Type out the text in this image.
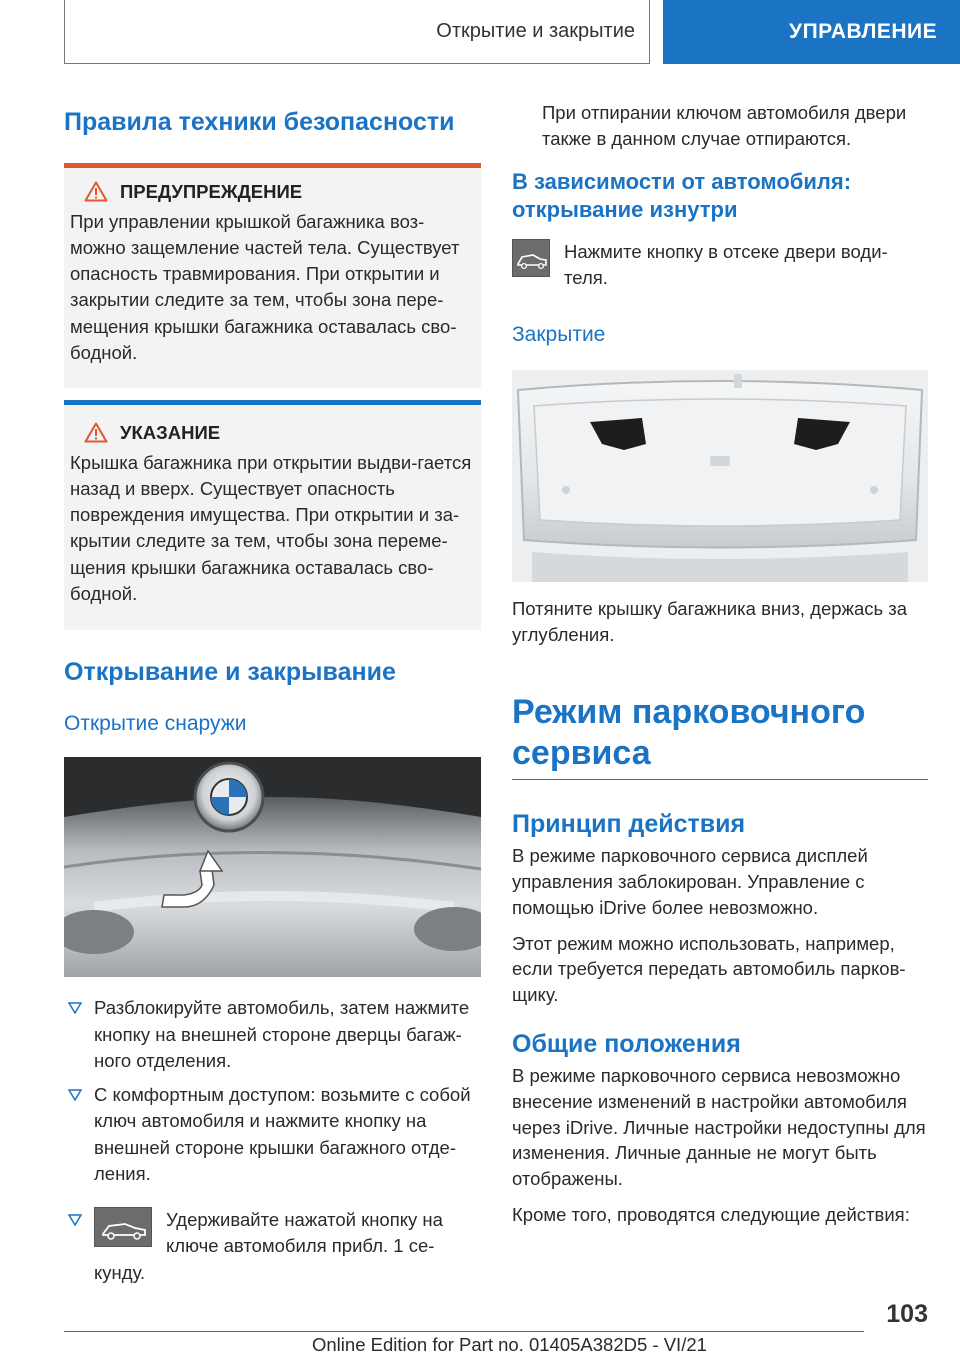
Открытие и закрытие	УПРАВЛЕНИЕ
Правила техники безопасности
ПРЕДУПРЕЖДЕНИЕ

При управлении крышкой багажника воз-можно защемление частей тела. Существует опасность травмирования. При открытии и закрытии следите за тем, чтобы зона пере-мещения крышки багажника оставалась сво-бодной.

УКАЗАНИЕ

Крышка багажника при открытии выдви-гается назад и вверх. Существует опасность повреждения имущества. При открытии и за-крытии следите за тем, чтобы зона переме-щения крышки багажника оставалась сво-бодной.

Открывание и закрывание
Открытие снаружи
Разблокируйте автомобиль, затем нажмите кнопку на внешней стороне дверцы багаж-ного отделения.
С комфортным доступом: возьмите с собой ключ автомобиля и нажмите кнопку на внешней стороне крышки багажного отде-ления.
Удерживайте нажатой кнопку на ключе автомобиля прибл. 1 се-кунду.

При отпирании ключом автомобиля двери также в данном случае отпираются.

В зависимости от автомобиля: открывание изнутри

Нажмите кнопку в отсеке двери води-теля.

Закрытие

Потяните крышку багажника вниз, держась за углубления.

Режим парковочного сервиса
Принцип действия

В режиме парковочного сервиса дисплей управления заблокирован. Управление с помощью iDrive более невозможно.

Этот режим можно использовать, например, если требуется передать автомобиль парков-щику.

Общие положения

В режиме парковочного сервиса невозможно внесение изменений в настройки автомобиля через iDrive. Личные настройки недоступны для изменения. Личные данные не могут быть отображены.

Кроме того, проводятся следующие действия:

103
Online Edition for Part no. 01405A382D5 - VI/21
